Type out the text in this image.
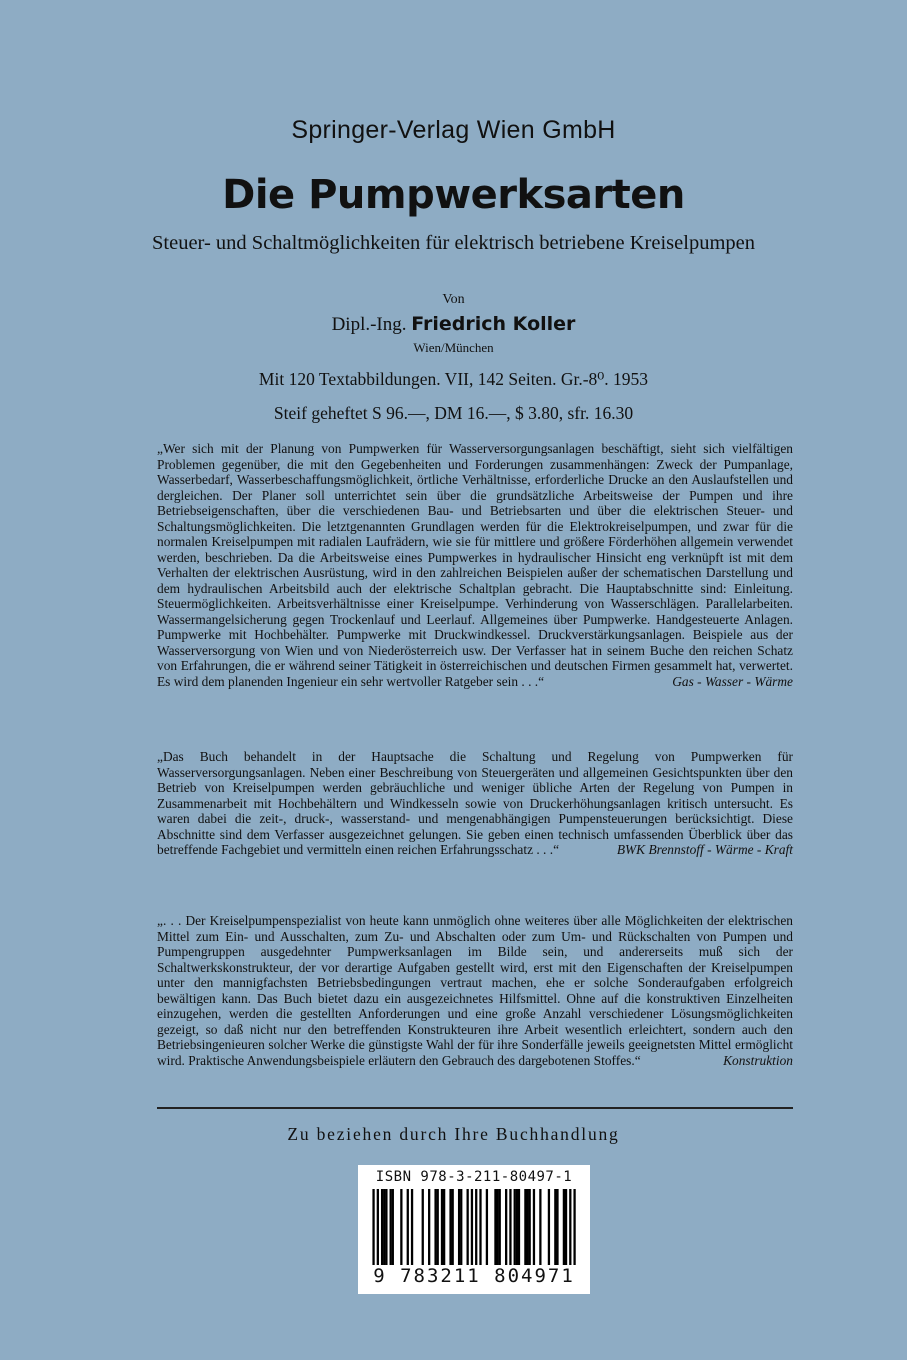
Springer-Verlag Wien GmbH
Die Pumpwerksarten
Steuer- und Schaltmöglichkeiten für elektrisch betriebene Kreiselpumpen
Von
Dipl.-Ing. Friedrich Koller
Wien/München
Mit 120 Textabbildungen. VII, 142 Seiten. Gr.-8⁰. 1953
Steif geheftet S 96.—, DM 16.—, $ 3.80, sfr. 16.30
„Wer sich mit der Planung von Pumpwerken für Wasserversorgungsanlagen beschäftigt, sieht sich vielfältigen Problemen gegenüber, die mit den Gegebenheiten und Forderungen zusammenhängen: Zweck der Pumpanlage, Wasserbedarf, Wasserbeschaffungsmöglichkeit, örtliche Verhältnisse, erforderliche Drucke an den Auslaufstellen und dergleichen. Der Planer soll unterrichtet sein über die grundsätzliche Arbeitsweise der Pumpen und ihre Betriebseigenschaften, über die verschiedenen Bau- und Betriebsarten und über die elektrischen Steuer- und Schaltungsmöglichkeiten. Die letztgenannten Grundlagen werden für die Elektrokreiselpumpen, und zwar für die normalen Kreiselpumpen mit radialen Laufrädern, wie sie für mittlere und größere Förderhöhen allgemein verwendet werden, beschrieben. Da die Arbeitsweise eines Pumpwerkes in hydraulischer Hinsicht eng verknüpft ist mit dem Verhalten der elektrischen Ausrüstung, wird in den zahlreichen Beispielen außer der schematischen Darstellung und dem hydraulischen Arbeitsbild auch der elektrische Schaltplan gebracht. Die Hauptabschnitte sind: Einleitung. Steuermöglichkeiten. Arbeitsverhältnisse einer Kreiselpumpe. Verhinderung von Wasserschlägen. Parallelarbeiten. Wassermangelsicherung gegen Trockenlauf und Leerlauf. Allgemeines über Pumpwerke. Handgesteuerte Anlagen. Pumpwerke mit Hochbehälter. Pumpwerke mit Druckwindkessel. Druckverstärkungsanlagen. Beispiele aus der Wasserversorgung von Wien und von Niederösterreich usw. Der Verfasser hat in seinem Buche den reichen Schatz von Erfahrungen, die er während seiner Tätigkeit in österreichischen und deutschen Firmen gesammelt hat, verwertet. Es wird dem planenden Ingenieur ein sehr wertvoller Ratgeber sein . . .“	Gas - Wasser - Wärme
„Das Buch behandelt in der Hauptsache die Schaltung und Regelung von Pumpwerken für Wasserversorgungsanlagen. Neben einer Beschreibung von Steuergeräten und allgemeinen Gesichtspunkten über den Betrieb von Kreiselpumpen werden gebräuchliche und weniger übliche Arten der Regelung von Pumpen in Zusammenarbeit mit Hochbehältern und Windkesseln sowie von Druckerhöhungsanlagen kritisch untersucht. Es waren dabei die zeit-, druck-, wasserstand- und mengenabhängigen Pumpensteuerungen berücksichtigt. Diese Abschnitte sind dem Verfasser ausgezeichnet gelungen. Sie geben einen technisch umfassenden Überblick über das betreffende Fachgebiet und vermitteln einen reichen Erfahrungsschatz . . .“	BWK Brennstoff - Wärme - Kraft
„. . . Der Kreiselpumpenspezialist von heute kann unmöglich ohne weiteres über alle Möglichkeiten der elektrischen Mittel zum Ein- und Ausschalten, zum Zu- und Abschalten oder zum Um- und Rückschalten von Pumpen und Pumpengruppen ausgedehnter Pumpwerksanlagen im Bilde sein, und andererseits muß sich der Schaltwerkskonstrukteur, der vor derartige Aufgaben gestellt wird, erst mit den Eigenschaften der Kreiselpumpen unter den mannigfachsten Betriebsbedingungen vertraut machen, ehe er solche Sonderaufgaben erfolgreich bewältigen kann. Das Buch bietet dazu ein ausgezeichnetes Hilfsmittel. Ohne auf die konstruktiven Einzelheiten einzugehen, werden die gestellten Anforderungen und eine große Anzahl verschiedener Lösungsmöglichkeiten gezeigt, so daß nicht nur den betreffenden Konstrukteuren ihre Arbeit wesentlich erleichtert, sondern auch den Betriebsingenieuren solcher Werke die günstigste Wahl der für ihre Sonderfälle jeweils geeignetsten Mittel ermöglicht wird. Praktische Anwendungsbeispiele erläutern den Gebrauch des dargebotenen Stoffes.“	Konstruktion
Zu beziehen durch Ihre Buchhandlung
ISBN 978-3-211-80497-1
9 783211 804971
